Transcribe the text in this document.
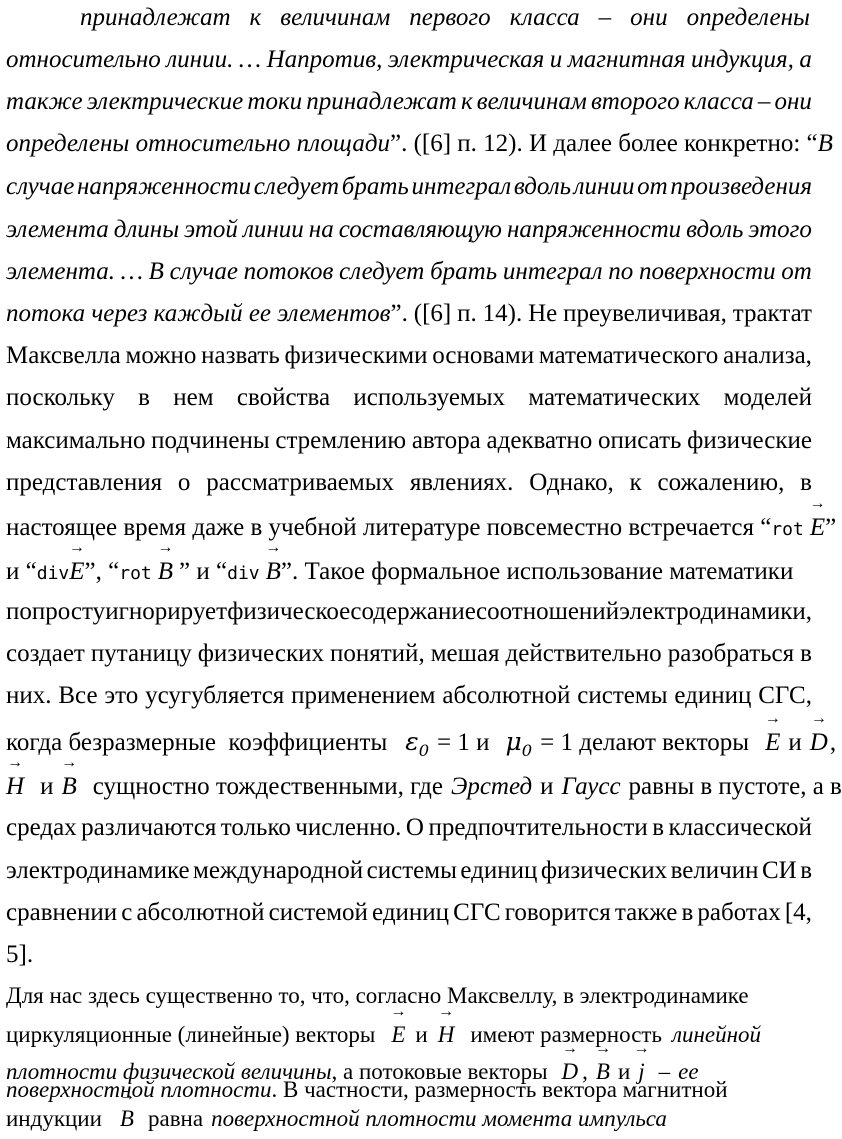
принадлежат к величинам первого класса – они определены
относительно линии. … Напротив, электрическая и магнитная индукция, а
также электрические токи принадлежат к величинам второго класса – они
определены относительно площади ”. ([6] п. 12). И далее более конкретно: “ В
случае напряженности следует брать интеграл вдоль линии от произведения
элемента длины этой линии на составляющую напряженности вдоль этого
элемента. … В случае потоков следует брать интеграл по поверхности от
потока через каждый ее элементов ”. ([6] п. 14). Не преувеличивая, трактат
Максвелла можно назвать физическими основами математического анализа,
поскольку в нем свойства используемых математических моделей
максимально подчинены стремлению автора адекватно описать физические
представления о рассматриваемых явлениях. Однако, к сожалению, в
настоящее время даже в учебной литературе повсеместно встречается “ rot → E ”
и “ div → E ”, “ rot → B ” и “ div → B ”. Такое формальное использование математики
попросту игнорирует физическое содержание соотношений электродинамики,
создает путаницу физических понятий, мешая действительно разобраться в
них. Все это усугубляется применением абсолютной системы единиц СГС,
когда безразмерные  коэффициенты $\varepsilon_0 = 1$ и $\mu_0 = 1$ делают векторы → E и → D ,
→ H и → B сущностно тождественными, где Эрстед и Гаусс равны в пустоте, а в
средах различаются только численно. О предпочтительности в классической
электродинамике международной системы единиц физических величин СИ в
сравнении с абсолютной системой единиц СГС говорится также в работах [4,
5].
Для нас здесь существенно то, что, согласно Максвеллу, в электродинамике
циркуляционные (линейные) векторы → E и → H имеют размерность линейной
плотности физической величины , а потоковые векторы → D , → B и → j – ее
поверхностной плотности . В частности, размерность вектора магнитной
индукции → B равна поверхностной плотности момента импульса
